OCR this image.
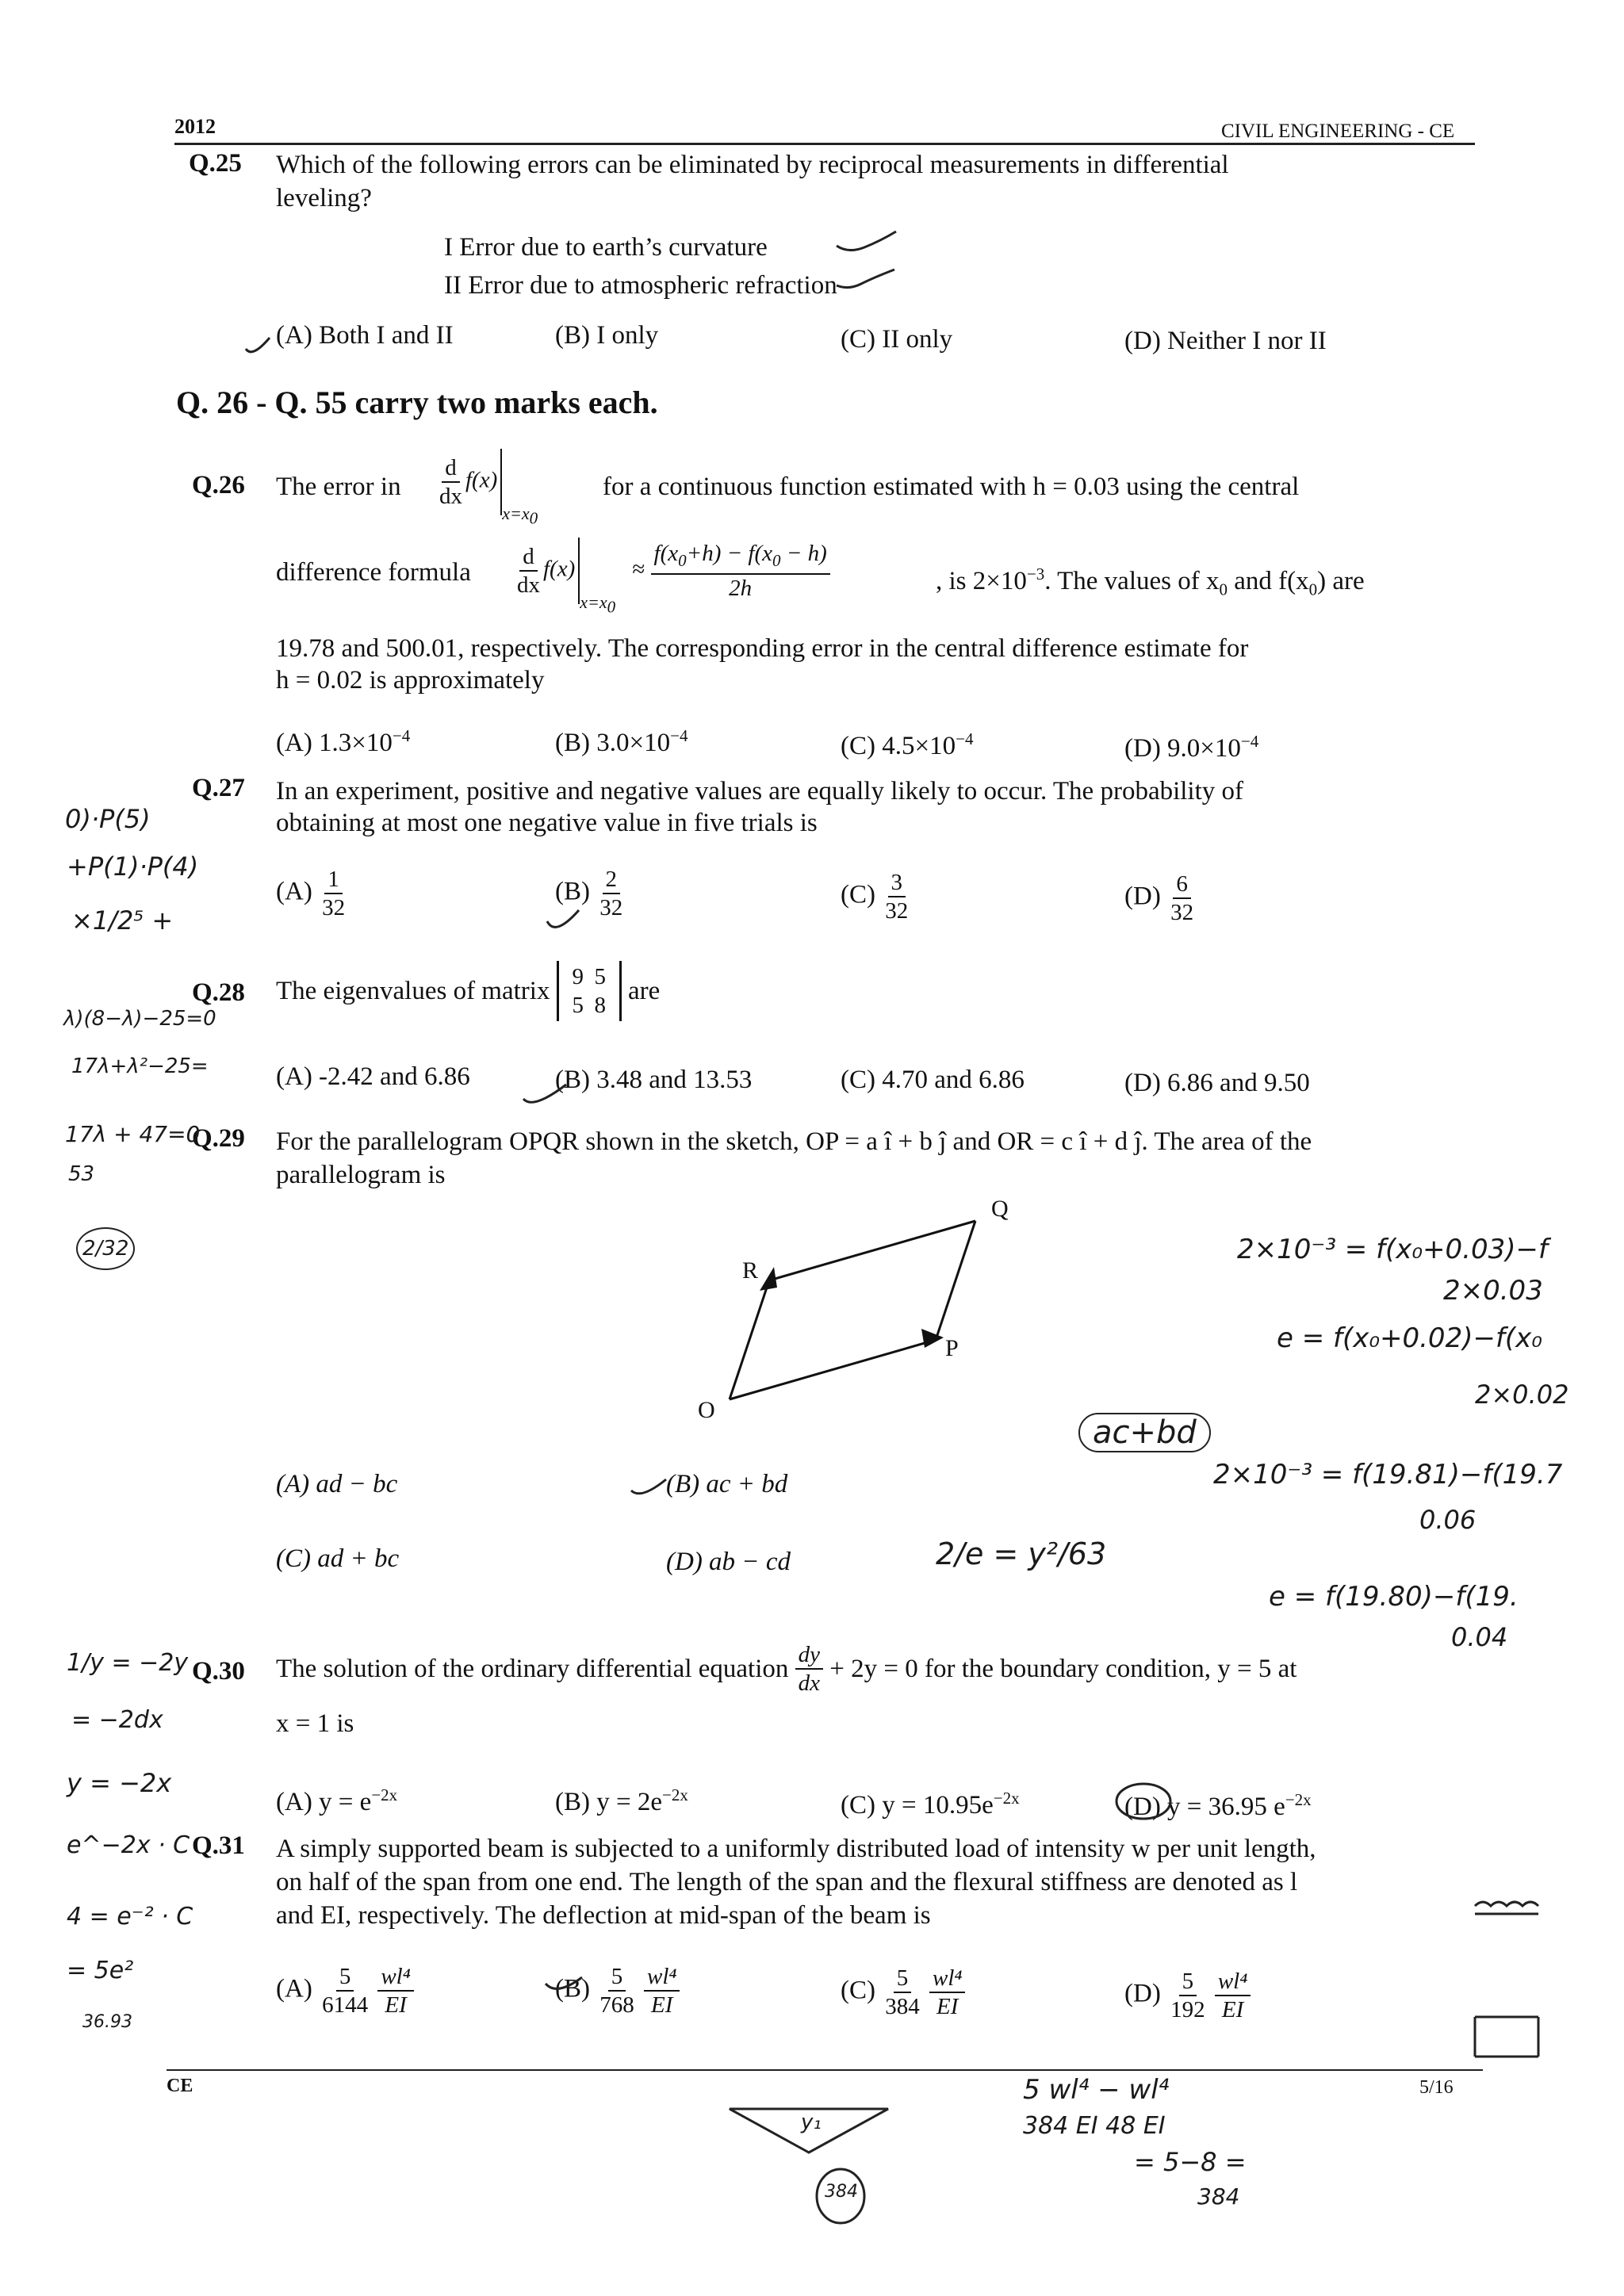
2012	CIVIL ENGINEERING - CE
Q.25 Which of the following errors can be eliminated by reciprocal measurements in differential
leveling?
I Error due to earth’s curvature
II Error due to atmospheric refraction
(A) Both I and II	(B) I only	(C) II only	(D) Neither I nor II
Q. 26 - Q. 55 carry two marks each.
Q.26 The error in $\frac{d}{dx} f(x)_{x=x_0}$
for a continuous function estimated with h = 0.03 using the central
difference formula $\frac{d}{dx} f(x)_{x=x_0} \approx \frac{f(x_0+h) - f(x_0 - h)}{2h}$	, is $2\times 10^{-3}$. The values of $x_0$ and $f(x_0)$ are
19.78 and 500.01, respectively. The corresponding error in the central difference estimate for
h = 0.02 is approximately
(A) $1.3\times 10^{-4}$	(B) $3.0\times 10^{-4}$	(C) $4.5\times 10^{-4}$	(D) $9.0\times 10^{-4}$
Q.27 In an experiment, positive and negative values are equally likely to occur. The probability of
obtaining at most one negative value in five trials is
$(A) \frac{1}{32}$	$(B) \frac{2}{32}$	$(C) \frac{3}{32}$	$(D) \frac{6}{32}$
Q.28 The eigenvalues of matrix 9 5
5 8 are
(A) -2.42 and 6.86	(B) 3.48 and 13.53	(C) 4.70 and 6.86	(D) 6.86 and 9.50
Q.29 For the parallelogram OPQR shown in the sketch, OP = a î + b ĵ and OR = c î + d ĵ. The area of the
parallelogram is
O
P
Q
R
(A) ad − bc	(B) ac + bd
(C) ad + bc	(D) ab − cd
Q.30 The solution of the ordinary differential equation $\frac{dy}{dx} + 2y = 0$ for the boundary condition, y = 5 at
x = 1 is
(A) $y = e^{-2x}$	(B) $y = 2e^{-2x}$	(C) $y = 10.95e^{-2x}$	(D) y = 36.95 $e^{-2x}$
Q.31 A simply supported beam is subjected to a uniformly distributed load of intensity w per unit length,
on half of the span from one end. The length of the span and the flexural stiffness are denoted as l
and EI, respectively. The deflection at mid-span of the beam is
$(A) \frac{5}{6144}$
$\frac{\text{wl⁴}}{EI}$	$(B) \frac{5}{768}$
$\frac{\text{wl⁴}}{EI}$	$(C) \frac{5}{384}$
$\frac{\text{wl⁴}}{EI}$	$(D) \frac{5}{192}$
$\frac{\text{wl⁴}}{EI}$
CE	5/16
0)·P(5)
+P(1)·P(4)
×1/2⁵ +
λ)(8−λ)−25=0
17λ+λ²−25=
17λ + 47=0
53
2/32	2×10⁻³ = f(x₀+0.03)−f
2×0.03
e = f(x₀+0.02)−f(x₀
2×0.02
ac+bd
2×10⁻³ = f(19.81)−f(19.7
0.06
e = f(19.80)−f(19.
0.04
2/e = y²/63
1/y = −2y
= −2dx
y = −2x
e^−2x · C
4 = e⁻² · C
= 5e²
36.93
5 wl⁴ − wl⁴
384 EI 48 EI
= 5−8 =
384
y₁
384
